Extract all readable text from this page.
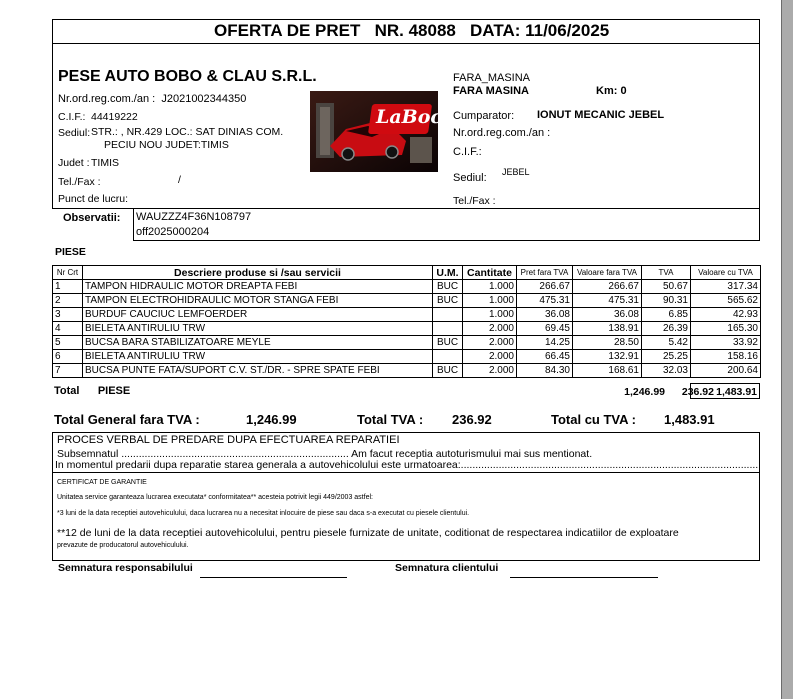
OFERTA DE PRET NR. 48088 DATA: 11/06/2025
PESE AUTO BOBO & CLAU S.R.L.
Nr.ord.reg.com./an : J2021002344350
C.I.F.: 44419222
Sediul: STR.: , NR.429 LOC.: SAT DINIAS COM.
PECIU NOU JUDET:TIMIS
Judet : TIMIS
Tel./Fax :	/
Punct de lucru:
LaBocla
FARA_MASINA
FARA MASINA	Km: 0
Cumparator: IONUT MECANIC JEBEL
Nr.ord.reg.com./an :
C.I.F.:
Sediul: JEBEL
Tel./Fax :
Observatii: WAUZZZ4F36N108797
off2025000204
PIESE
Nr Crt	Descriere produse si /sau servicii	U.M.	Cantitate	Pret fara TVA	Valoare fara TVA	TVA	Valoare cu TVA
1	TAMPON HIDRAULIC MOTOR DREAPTA FEBI	BUC	1.000	266.67	266.67	50.67	317.34
2	TAMPON ELECTROHIDRAULIC MOTOR STANGA FEBI	BUC	1.000	475.31	475.31	90.31	565.62
3	BURDUF CAUCIUC LEMFOERDER		1.000	36.08	36.08	6.85	42.93
4	BIELETA ANTIRULIU TRW		2.000	69.45	138.91	26.39	165.30
5	BUCSA BARA STABILIZATOARE MEYLE	BUC	2.000	14.25	28.50	5.42	33.92
6	BIELETA ANTIRULIU TRW		2.000	66.45	132.91	25.25	158.16
7	BUCSA PUNTE FATA/SUPORT C.V. ST./DR. - SPRE SPATE FEBI	BUC	2.000	84.30	168.61	32.03	200.64
Total PIESE	1,246.99 236.92 1,483.91
Total General fara TVA :	1,246.99	Total TVA : 236.92	Total cu TVA : 1,483.91
PROCES VERBAL DE PREDARE DUPA EFECTUAREA REPARATIEI
Subsemnatul .............................................................................. Am facut receptia autoturismului mai sus mentionat.
In momentul predarii dupa reparatie starea generala a autovehicolului este urmatoarea:......................................................................................................
CERTIFICAT DE GARANTIE
Unitatea service garanteaza lucrarea executata* conformitatea** acesteia potrivit legii 449/2003 astfel:
*3 luni de la data receptiei autovehiculului, daca lucrarea nu a necesitat inlocuire de piese sau daca s-a executat cu piesele clientului.
**12 de luni de la data receptiei autovehicolului, pentru piesele furnizate de unitate, coditionat de respectarea indicatiilor de exploatare
prevazute de producatorul autovehiculului.
Semnatura responsabilului	Semnatura clientului
